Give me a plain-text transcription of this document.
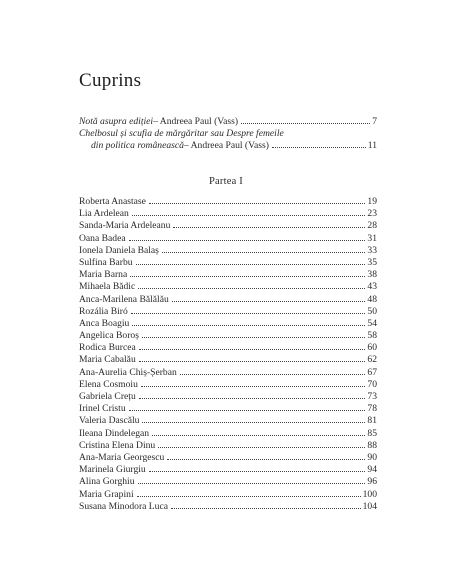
Cuprins
Notă asupra ediției – Andreea Paul (Vass)	7
Chelbosul și scufia de mărgăritar sau Despre femeile
din politica românească – Andreea Paul (Vass)	11
Partea I
Roberta Anastase	19
Lia Ardelean	23
Sanda-Maria Ardeleanu	28
Oana Badea	31
Ionela Daniela Balaș	33
Sulfina Barbu	35
Maria Barna	38
Mihaela Bădic	43
Anca-Marilena Bălălău	48
Rozália Biró	50
Anca Boagiu	54
Angelica Boroș	58
Rodica Burcea	60
Maria Cabalău	62
Ana-Aurelia Chiș-Șerban	67
Elena Cosmoiu	70
Gabriela Crețu	73
Irinel Cristu	78
Valeria Dascălu	81
Ileana Dindelegan	85
Cristina Elena Dinu	88
Ana-Maria Georgescu	90
Marinela Giurgiu	94
Alina Gorghiu	96
Maria Grapini	100
Susana Minodora Luca	104
